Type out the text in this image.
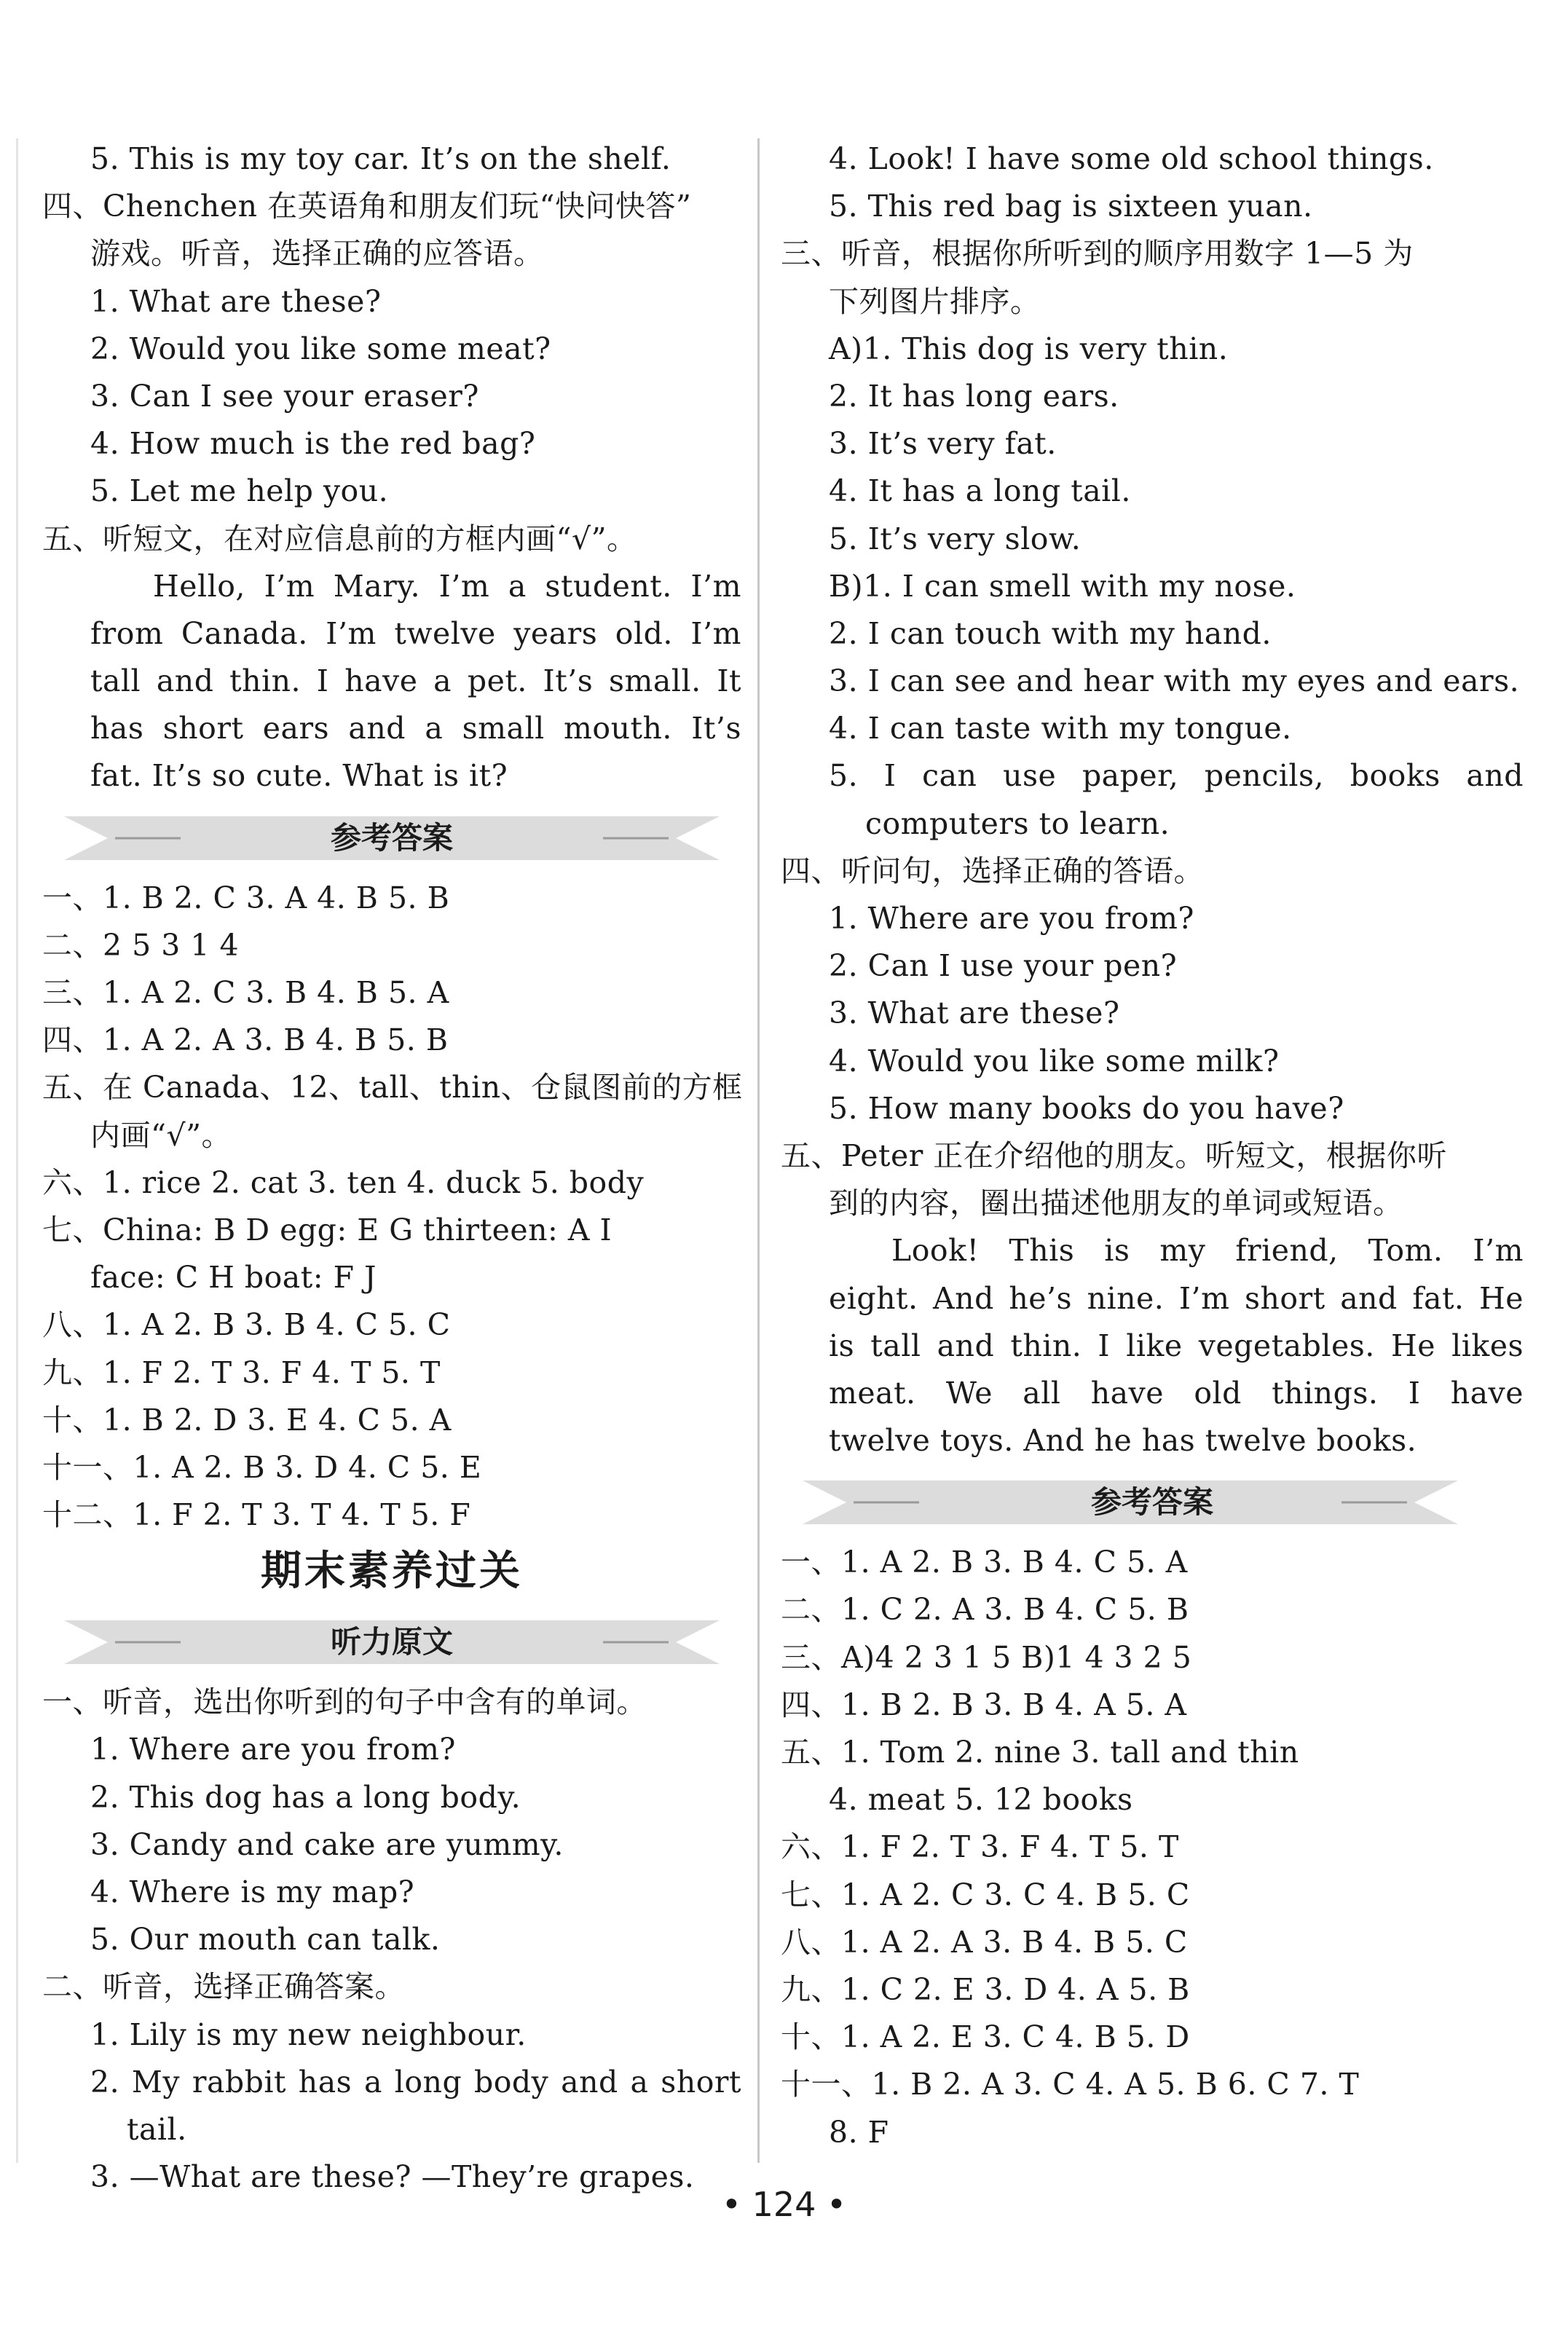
5. This is my toy car. It’s on the shelf.
四、Chenchen 在英语角和朋友们玩“快问快答”
游戏。听音，选择正确的应答语。
1. What are these?
2. Would you like some meat?
3. Can I see your eraser?
4. How much is the red bag?
5. Let me help you.
五、听短文，在对应信息前的方框内画“√”。
Hello, I’m Mary. I’m a student. I’m
from Canada. I’m twelve years old. I’m
tall and thin. I have a pet. It’s small. It
has short ears and a small mouth. It’s
fat. It’s so cute. What is it?
参考答案
一、1. B 2. C 3. A 4. B 5. B
二、2 5 3 1 4
三、1. A 2. C 3. B 4. B 5. A
四、1. A 2. A 3. B 4. B 5. B
五、在 Canada、12、tall、thin、仓鼠图前的方框
内画“√”。
六、1. rice 2. cat 3. ten 4. duck 5. body
七、China: B D egg: E G thirteen: A I
face: C H boat: F J
八、1. A 2. B 3. B 4. C 5. C
九、1. F 2. T 3. F 4. T 5. T
十、1. B 2. D 3. E 4. C 5. A
十一、1. A 2. B 3. D 4. C 5. E
十二、1. F 2. T 3. T 4. T 5. F
期末素养过关
听力原文
一、听音，选出你听到的句子中含有的单词。
1. Where are you from?
2. This dog has a long body.
3. Candy and cake are yummy.
4. Where is my map?
5. Our mouth can talk.
二、听音，选择正确答案。
1. Lily is my new neighbour.
2. My rabbit has a long body and a short
tail.
3. —What are these? —They’re grapes.
4. Look! I have some old school things.
5. This red bag is sixteen yuan.
三、听音，根据你所听到的顺序用数字 1—5 为
下列图片排序。
A)1. This dog is very thin.
2. It has long ears.
3. It’s very fat.
4. It has a long tail.
5. It’s very slow.
B)1. I can smell with my nose.
2. I can touch with my hand.
3. I can see and hear with my eyes and ears.
4. I can taste with my tongue.
5. I can use paper, pencils, books and
computers to learn.
四、听问句，选择正确的答语。
1. Where are you from?
2. Can I use your pen?
3. What are these?
4. Would you like some milk?
5. How many books do you have?
五、Peter 正在介绍他的朋友。听短文，根据你听
到的内容，圈出描述他朋友的单词或短语。
Look! This is my friend, Tom. I’m
eight. And he’s nine. I’m short and fat. He
is tall and thin. I like vegetables. He likes
meat. We all have old things. I have
twelve toys. And he has twelve books.
参考答案
一、1. A 2. B 3. B 4. C 5. A
二、1. C 2. A 3. B 4. C 5. B
三、A)4 2 3 1 5 B)1 4 3 2 5
四、1. B 2. B 3. B 4. A 5. A
五、1. Tom 2. nine 3. tall and thin
4. meat 5. 12 books
六、1. F 2. T 3. F 4. T 5. T
七、1. A 2. C 3. C 4. B 5. C
八、1. A 2. A 3. B 4. B 5. C
九、1. C 2. E 3. D 4. A 5. B
十、1. A 2. E 3. C 4. B 5. D
十一、1. B 2. A 3. C 4. A 5. B 6. C 7. T
8. F
• 124 •
